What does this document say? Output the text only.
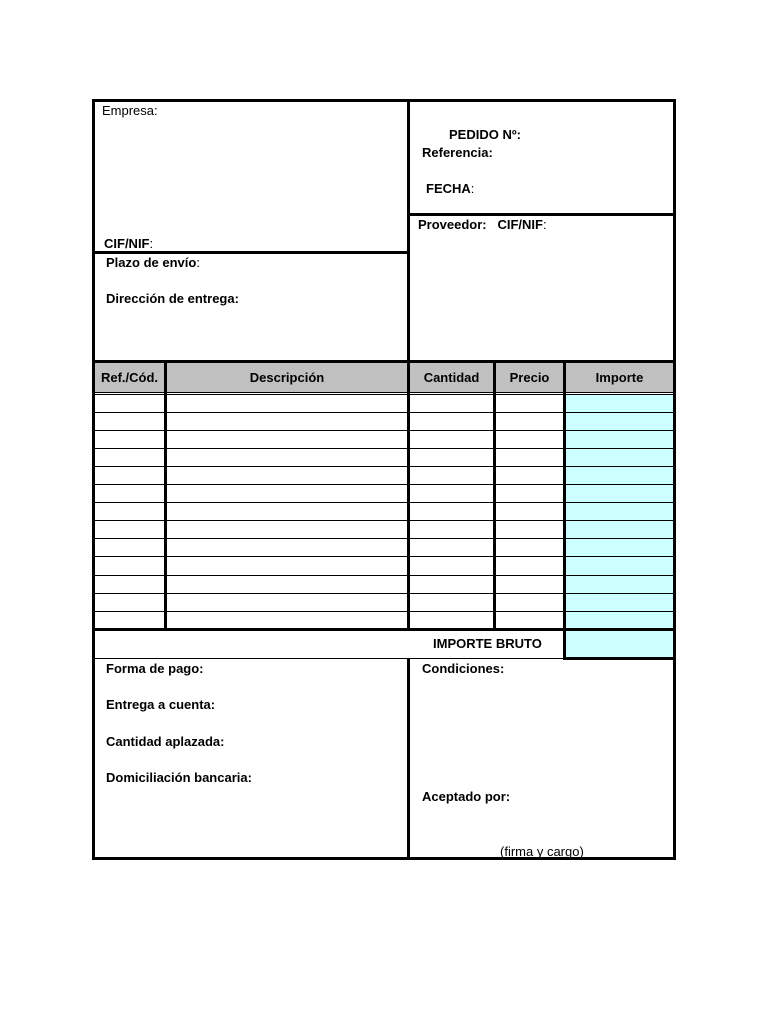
Ref./Cód.	Descripción	Cantidad	Precio	Importe
Empresa:
CIF/NIF:
PEDIDO Nº:
Referencia:
FECHA:
Proveedor: CIF/NIF:
Plazo de envío:
Dirección de entrega:
IMPORTE BRUTO
Forma de pago:
Entrega a cuenta:
Cantidad aplazada:
Domiciliación bancaria:
Condiciones:
Aceptado por:
(firma y cargo)
